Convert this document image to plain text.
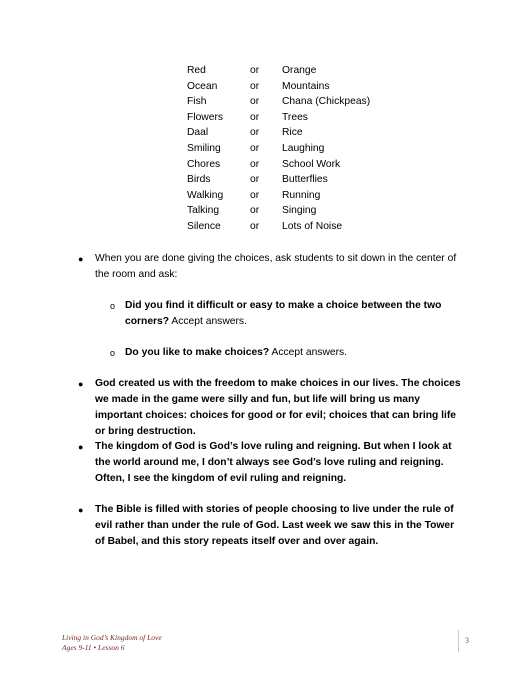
Red	or	Orange
Ocean	or	Mountains
Fish	or	Chana (Chickpeas)
Flowers	or	Trees
Daal	or	Rice
Smiling	or	Laughing
Chores	or	School Work
Birds	or	Butterflies
Walking	or	Running
Talking	or	Singing
Silence	or	Lots of Noise
●	When you are done giving the choices, ask students to sit down in the center of the room and ask:
o Did you find it difficult or easy to make a choice between the two corners? Accept answers.
o Do you like to make choices? Accept answers.
●	God created us with the freedom to make choices in our lives. The choices we made in the game were silly and fun, but life will bring us many important choices: choices for good or for evil; choices that can bring life or bring destruction.
●	The kingdom of God is God’s love ruling and reigning. But when I look at the world around me, I don’t always see God’s love ruling and reigning. Often, I see the kingdom of evil ruling and reigning.
●	The Bible is filled with stories of people choosing to live under the rule of evil rather than under the rule of God. Last week we saw this in the Tower of Babel, and this story repeats itself over and over again.
Living in God’s Kingdom of Love
Ages 9-11 • Lesson 6
3
